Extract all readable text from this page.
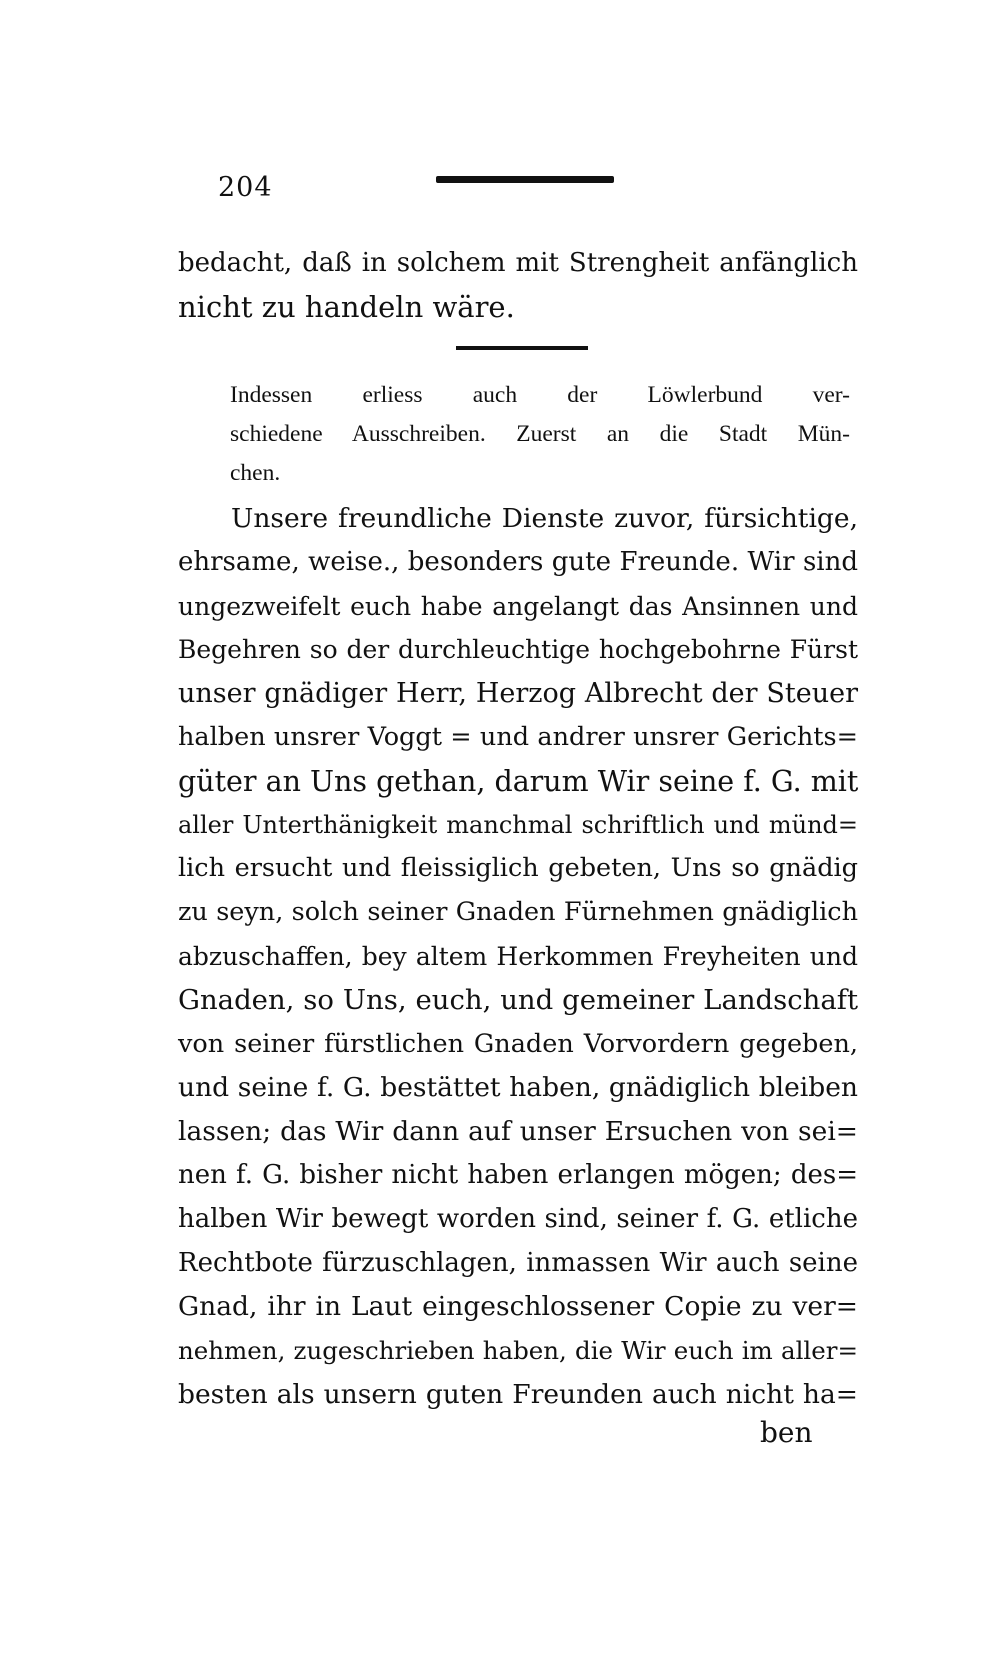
204
bedacht, daß in solchem mit Strengheit anfänglich
nicht zu handeln wäre.
Indessen erliess auch der Löwlerbund ver-
schiedene Ausschreiben. Zuerst an die Stadt Mün-
chen.
Unsere freundliche Dienste zuvor, fürsichtige,
ehrsame, weise., besonders gute Freunde. Wir sind
ungezweifelt euch habe angelangt das Ansinnen und
Begehren so der durchleuchtige hochgebohrne Fürst
unser gnädiger Herr, Herzog Albrecht der Steuer
halben unsrer Voggt = und andrer unsrer Gerichts=
güter an Uns gethan, darum Wir seine f. G. mit
aller Unterthänigkeit manchmal schriftlich und münd=
lich ersucht und fleissiglich gebeten, Uns so gnädig
zu seyn, solch seiner Gnaden Fürnehmen gnädiglich
abzuschaffen, bey altem Herkommen Freyheiten und
Gnaden, so Uns, euch, und gemeiner Landschaft
von seiner fürstlichen Gnaden Vorvordern gegeben,
und seine f. G. bestättet haben, gnädiglich bleiben
lassen; das Wir dann auf unser Ersuchen von sei=
nen f. G. bisher nicht haben erlangen mögen; des=
halben Wir bewegt worden sind, seiner f. G. etliche
Rechtbote fürzuschlagen, inmassen Wir auch seine
Gnad, ihr in Laut eingeschlossener Copie zu ver=
nehmen, zugeschrieben haben, die Wir euch im aller=
besten als unsern guten Freunden auch nicht ha=
ben
